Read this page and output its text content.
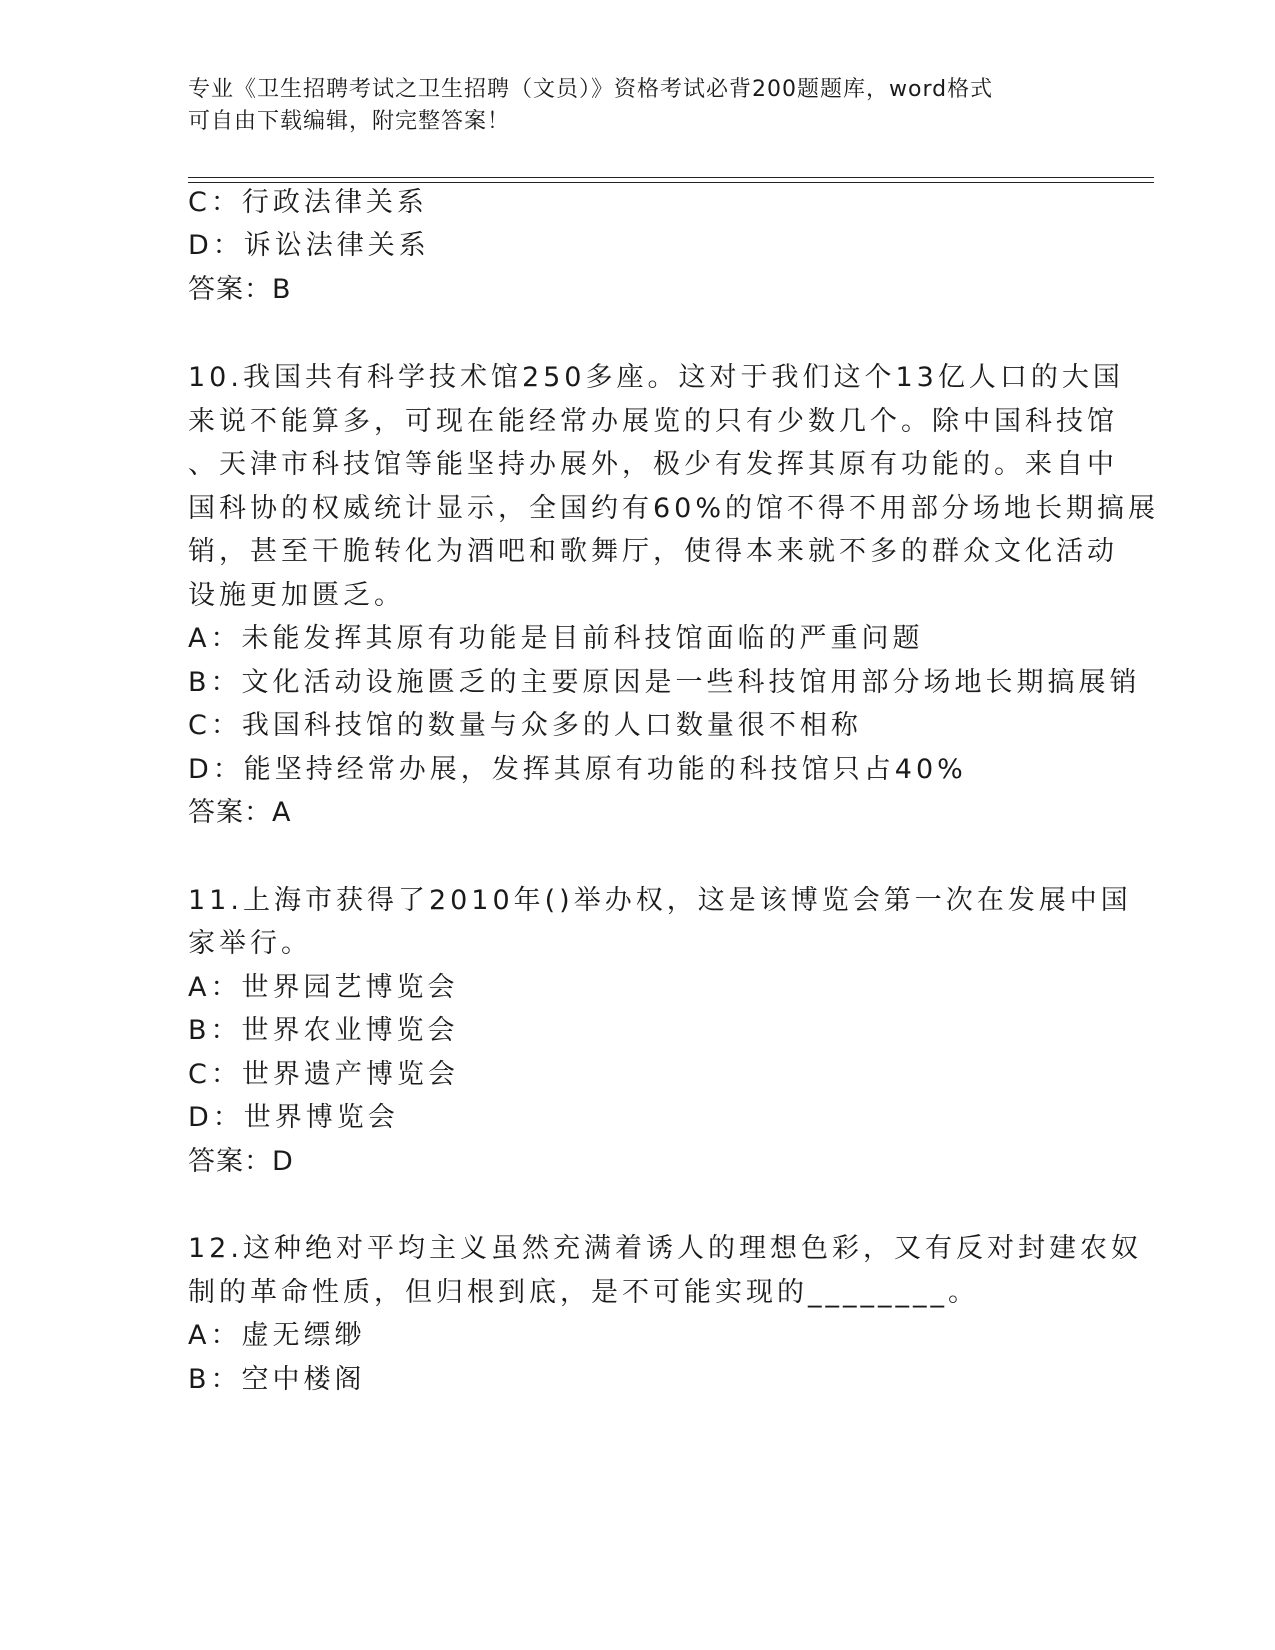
专业《卫生招聘考试之卫生招聘（文员）》资格考试必背200题题库，word格式
可自由下载编辑，附完整答案！
C：行政法律关系
D：诉讼法律关系
答案：B
10.我国共有科学技术馆250多座。这对于我们这个13亿人口的大国
来说不能算多，可现在能经常办展览的只有少数几个。除中国科技馆
、天津市科技馆等能坚持办展外，极少有发挥其原有功能的。来自中
国科协的权威统计显示，全国约有60%的馆不得不用部分场地长期搞展
销，甚至干脆转化为酒吧和歌舞厅，使得本来就不多的群众文化活动
设施更加匮乏。
A：未能发挥其原有功能是目前科技馆面临的严重问题
B：文化活动设施匮乏的主要原因是一些科技馆用部分场地长期搞展销
C：我国科技馆的数量与众多的人口数量很不相称
D：能坚持经常办展，发挥其原有功能的科技馆只占40%
答案：A
11.上海市获得了2010年()举办权，这是该博览会第一次在发展中国
家举行。
A：世界园艺博览会
B：世界农业博览会
C：世界遗产博览会
D：世界博览会
答案：D
12.这种绝对平均主义虽然充满着诱人的理想色彩，又有反对封建农奴
制的革命性质，但归根到底，是不可能实现的________。
A：虚无缥缈
B：空中楼阁
